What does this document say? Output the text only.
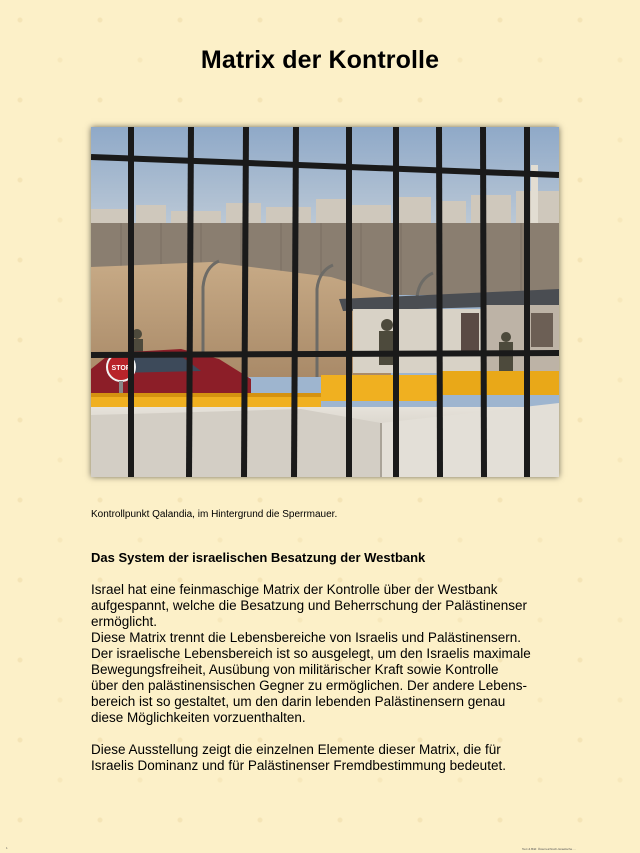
Matrix der Kontrolle
STOP
Kontrollpunkt Qalandia, im Hintergrund die Sperrmauer.
Das System der israelischen Besatzung der Westbank
Israel hat eine feinmaschige Matrix der Kontrolle über der Westbank
aufgespannt, welche die Besatzung und Beherrschung der Palästinenser
ermöglicht.
Diese Matrix trennt die Lebensbereiche von Israelis und Palästinensern.
Der israelische Lebensbereich ist so ausgelegt, um den Israelis maximale
Bewegungsfreiheit, Ausübung von militärischer Kraft sowie Kontrolle
über den palästinensischen Gegner zu ermöglichen. Der andere Lebens-
bereich ist so gestaltet, um den darin lebenden Palästinensern genau
diese Möglichkeiten vorzuenthalten.
Diese Ausstellung zeigt die einzelnen Elemente dieser Matrix, die für
Israelis Dominanz und für Palästinenser Fremdbestimmung bedeutet.
1	Text & Bild: Österreichisch-Israelische ...
